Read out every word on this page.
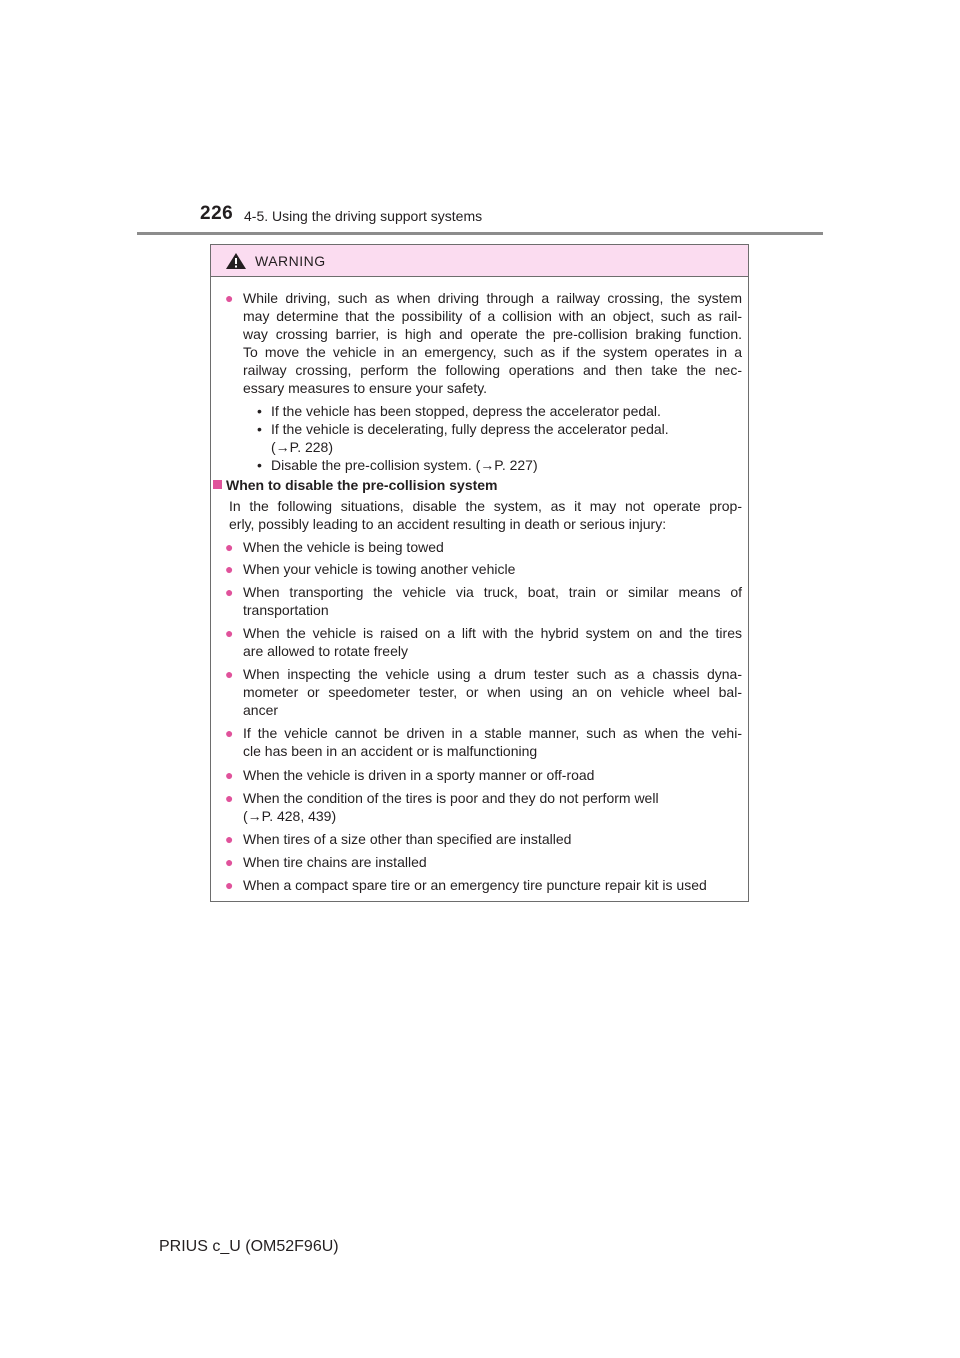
226 4-5. Using the driving support systems
WARNING
● While driving, such as when driving through a railway crossing, the system
may determine that the possibility of a collision with an object, such as rail-
way crossing barrier, is high and operate the pre-collision braking function.
To move the vehicle in an emergency, such as if the system operates in a
railway crossing, perform the following operations and then take the nec-
essary measures to ensure your safety.
• If the vehicle has been stopped, depress the accelerator pedal.
• If the vehicle is decelerating, fully depress the accelerator pedal.
(→P. 228)
• Disable the pre-collision system. (→P. 227)
When to disable the pre-collision system
In the following situations, disable the system, as it may not operate prop-
erly, possibly leading to an accident resulting in death or serious injury:
● When the vehicle is being towed
● When your vehicle is towing another vehicle
● When transporting the vehicle via truck, boat, train or similar means of
transportation
● When the vehicle is raised on a lift with the hybrid system on and the tires
are allowed to rotate freely
● When inspecting the vehicle using a drum tester such as a chassis dyna-
mometer or speedometer tester, or when using an on vehicle wheel bal-
ancer
● If the vehicle cannot be driven in a stable manner, such as when the vehi-
cle has been in an accident or is malfunctioning
● When the vehicle is driven in a sporty manner or off-road
● When the condition of the tires is poor and they do not perform well
(→P. 428, 439)
● When tires of a size other than specified are installed
● When tire chains are installed
● When a compact spare tire or an emergency tire puncture repair kit is used
PRIUS c_U (OM52F96U)
